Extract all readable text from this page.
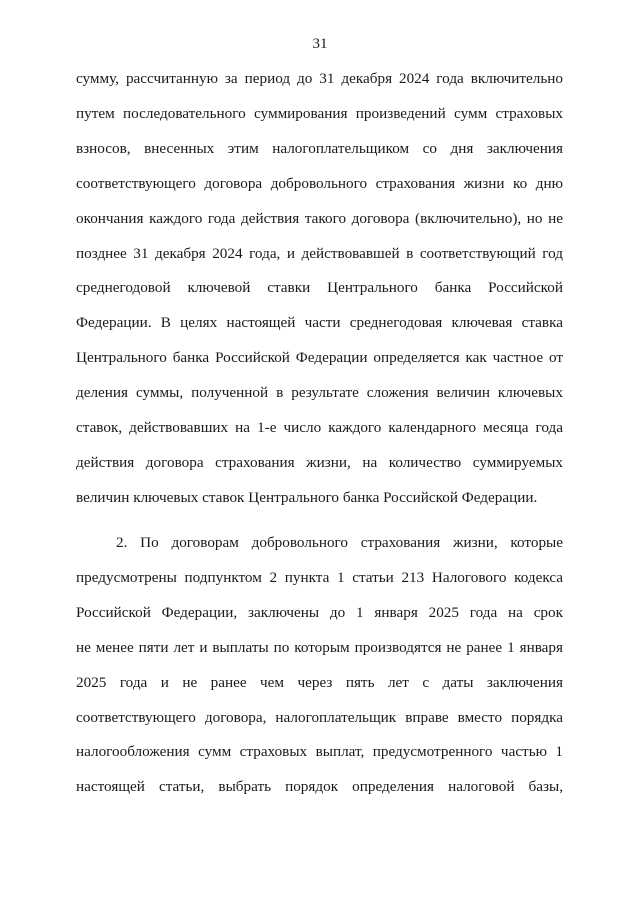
31
сумму, рассчитанную за период до 31 декабря 2024 года включительно
путем последовательного суммирования произведений сумм страховых
взносов, внесенных этим налогоплательщиком со дня заключения
соответствующего договора добровольного страхования жизни ко дню
окончания каждого года действия такого договора (включительно), но не
позднее 31 декабря 2024 года, и действовавшей в соответствующий год
среднегодовой ключевой ставки Центрального банка Российской
Федерации. В целях настоящей части среднегодовая ключевая ставка
Центрального банка Российской Федерации определяется как частное от
деления суммы, полученной в результате сложения величин ключевых
ставок, действовавших на 1-е число каждого календарного месяца года
действия договора страхования жизни, на количество суммируемых
величин ключевых ставок Центрального банка Российской Федерации.
2. По договорам добровольного страхования жизни, которые
предусмотрены подпунктом 2 пункта 1 статьи 213 Налогового кодекса
Российской Федерации, заключены до 1 января 2025 года на срок
не менее пяти лет и выплаты по которым производятся не ранее 1 января
2025 года и не ранее чем через пять лет с даты заключения
соответствующего договора, налогоплательщик вправе вместо порядка
налогообложения сумм страховых выплат, предусмотренного частью 1
настоящей статьи, выбрать порядок определения налоговой базы,
